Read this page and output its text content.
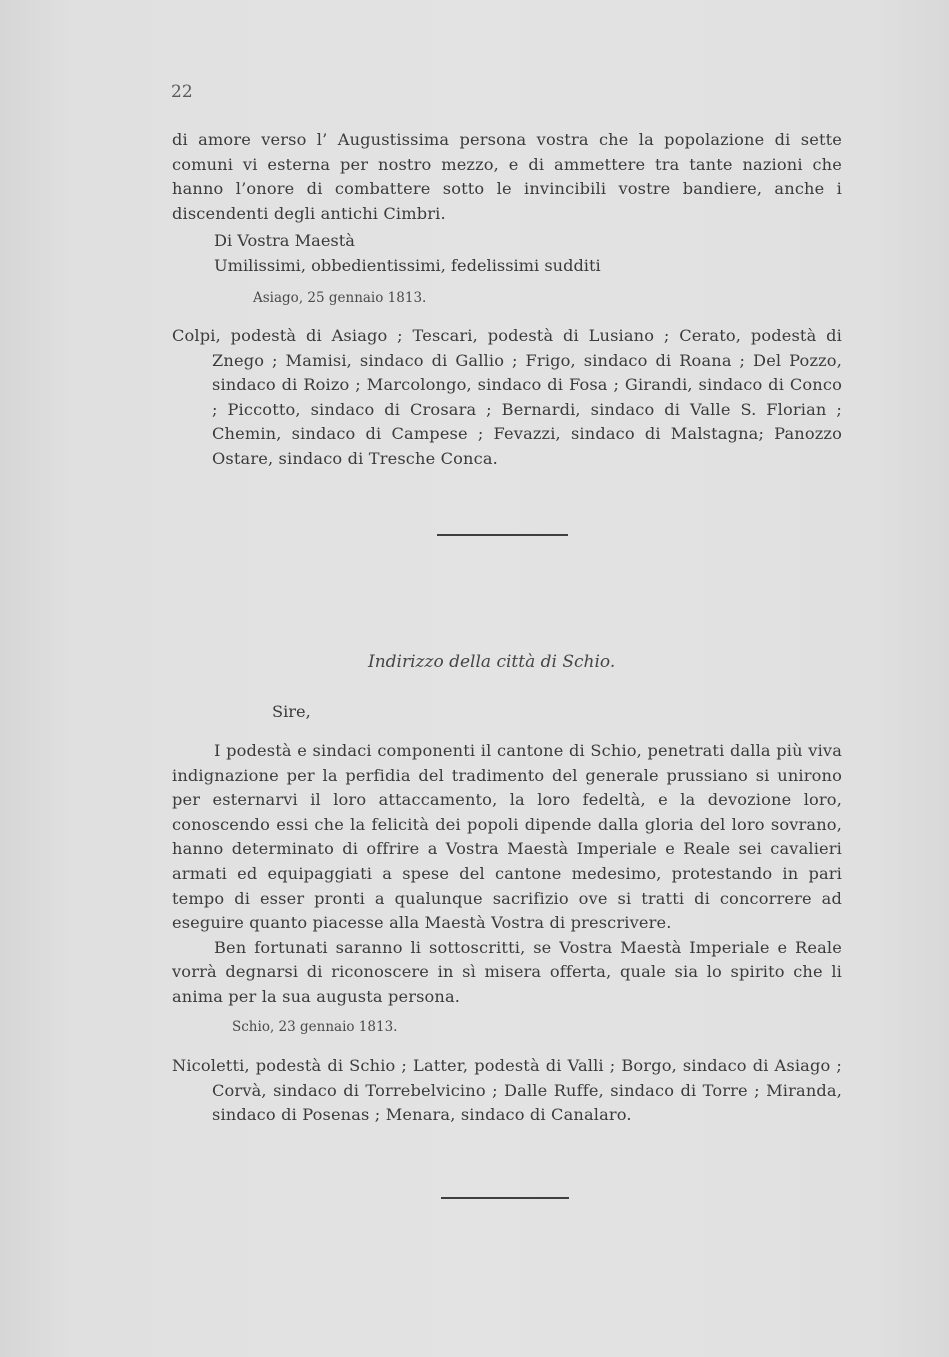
22

di amore verso l’ Augustissima persona vostra che la popolazione di sette comuni vi esterna per nostro mezzo, e di ammettere tra tante nazioni che hanno l’onore di combattere sotto le invincibili vostre bandiere, anche i discendenti degli antichi Cimbri.

Di Vostra Maestà
Umilissimi, obbedientissimi, fedelissimi sudditi
Asiago, 25 gennaio 1813.
Colpi, podestà di Asiago ; Tescari, podestà di Lusiano ; Cerato, podestà di Znego ; Mamisi, sindaco di Gallio ; Frigo, sindaco di Roana ; Del Pozzo, sindaco di Roizo ; Marcolongo, sindaco di Fosa ; Girandi, sindaco di Conco ; Piccotto, sindaco di Crosara ; Bernardi, sindaco di Valle S. Florian ; Chemin, sindaco di Campese ; Fevazzi, sindaco di Malstagna; Panozzo Ostare, sindaco di Tresche Conca.
Indirizzo della città di Schio.
Sire,

I podestà e sindaci componenti il cantone di Schio, penetrati dalla più viva indignazione per la perfidia del tradimento del generale prussiano si unirono per esternarvi il loro attaccamento, la loro fedeltà, e la devozione loro, conoscendo essi che la felicità dei popoli dipende dalla gloria del loro sovrano, hanno determinato di offrire a Vostra Maestà Imperiale e Reale sei cavalieri armati ed equipaggiati a spese del cantone medesimo, protestando in pari tempo di esser pronti a qualunque sacrifizio ove si tratti di concorrere ad eseguire quanto piacesse alla Maestà Vostra di prescrivere.

Ben fortunati saranno li sottoscritti, se Vostra Maestà Imperiale e Reale vorrà degnarsi di riconoscere in sì misera offerta, quale sia lo spirito che li anima per la sua augusta persona.

Schio, 23 gennaio 1813.
Nicoletti, podestà di Schio ; Latter, podestà di Valli ; Borgo, sindaco di Asiago ; Corvà, sindaco di Torrebelvicino ; Dalle Ruffe, sindaco di Torre ; Miranda, sindaco di Posenas ; Menara, sindaco di Canalaro.
